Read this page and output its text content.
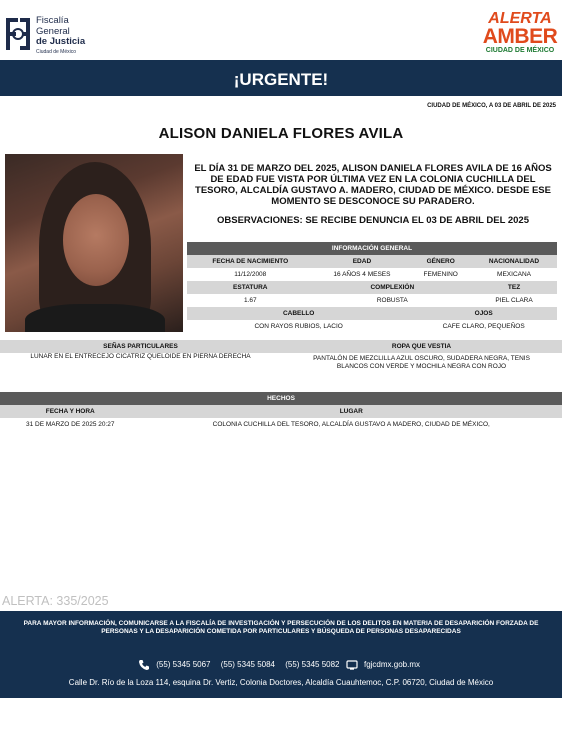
Fiscalía
General
de Justicia
Ciudad de México
ALERTA
AMBER
CIUDAD DE MÉXICO
¡URGENTE!
CIUDAD DE MÉXICO, A 03 DE ABRIL DE 2025
ALISON DANIELA FLORES AVILA
EL DÍA 31 DE MARZO DEL 2025, ALISON DANIELA FLORES AVILA DE 16 AÑOS DE EDAD FUE VISTA POR ÚLTIMA VEZ EN LA COLONIA CUCHILLA DEL TESORO, ALCALDÍA GUSTAVO A. MADERO, CIUDAD DE MÉXICO. DESDE ESE MOMENTO SE DESCONOCE SU PARADERO.
OBSERVACIONES: SE RECIBE DENUNCIA EL 03 DE ABRIL DEL 2025
INFORMACIÓN GENERAL			
FECHA DE NACIMIENTO	EDAD	GÉNERO	NACIONALIDAD
11/12/2008	16 AÑOS 4 MESES	FEMENINO	MEXICANA
ESTATURA	COMPLEXIÓN		TEZ
1.67	ROBUSTA		PIEL CLARA
CABELLO		OJOS	
CON RAYOS RUBIOS, LACIO		CAFE CLARO, PEQUEÑOS	
SEÑAS PARTICULARES	ROPA QUE VESTIA
LUNAR EN EL ENTRECEJO CICATRIZ QUELOIDE EN PIERNA DERECHA	PANTALÓN DE MEZCLILLA AZUL OSCURO, SUDADERA NEGRA, TENIS
BLANCOS CON VERDE Y MOCHILA NEGRA CON ROJO
HECHOS	
FECHA Y HORA	LUGAR
31 DE MARZO DE 2025 20:27	COLONIA CUCHILLA DEL TESORO, ALCALDÍA GUSTAVO A MADERO, CIUDAD DE MÉXICO,
ALERTA: 335/2025
PARA MAYOR INFORMACIÓN, COMUNICARSE A LA FISCALÍA DE INVESTIGACIÓN Y PERSECUCIÓN DE LOS DELITOS EN MATERIA DE DESAPARICIÓN FORZADA DE PERSONAS Y LA DESAPARICIÓN COMETIDA POR PARTICULARES Y BÚSQUEDA DE PERSONAS DESAPARECIDAS
(55) 5345 5067 (55) 5345 5084 (55) 5345 5082	fgjcdmx.gob.mx
Calle Dr. Río de la Loza 114, esquina Dr. Vertiz, Colonia Doctores, Alcaldía Cuauhtemoc, C.P. 06720, Ciudad de México
